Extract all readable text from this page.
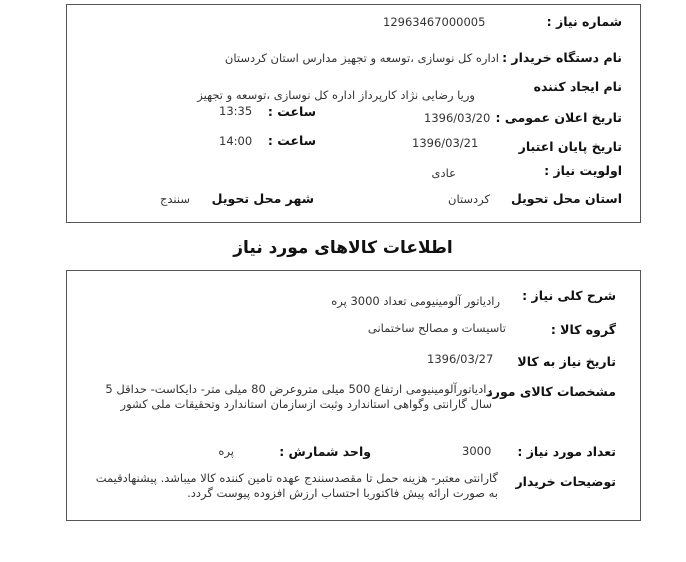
شماره نیاز :
12963467000005
نام دستگاه خریدار :
اداره کل نوسازی ،توسعه و تجهیز مدارس استان کردستان
نام ایجاد کننده
وریا رضایی نژاد کارپرداز اداره کل نوسازی ،توسعه و تجهیز
تاریخ اعلان عمومی :
1396/03/20
ساعت :
13:35
تاریخ پایان اعتبار
1396/03/21
ساعت :
14:00
اولویت نیاز :
عادی
استان محل تحویل
کردستان
شهر محل تحویل
سنندج
اطلاعات کالاهای مورد نیاز
شرح کلی نیاز :
رادیاتور آلومینیومی تعداد 3000 پره
گروه کالا :
تاسیسات و مصالح ساختمانی
تاریخ نیاز به کالا
1396/03/27
مشخصات کالای مورد
رادیاتورآلومینیومی ارتفاع 500 میلی مترو‌عرض 80 میلی متر- دایکاست- حداقل 5 سال گارانتی وگواهی استاندارد وثبت ازسازمان استاندارد وتحقیقات ملی کشور
تعداد مورد نیاز :
3000
واحد شمارش :
پره
توضیحات خریدار
گارانتی معتبر- هزینه حمل تا مقصدسنندج عهده تامین کننده کالا میباشد. پیشنهادقیمت به صورت ارائه پیش فاکتوربا احتساب ارزش افزوده پیوست گردد.
